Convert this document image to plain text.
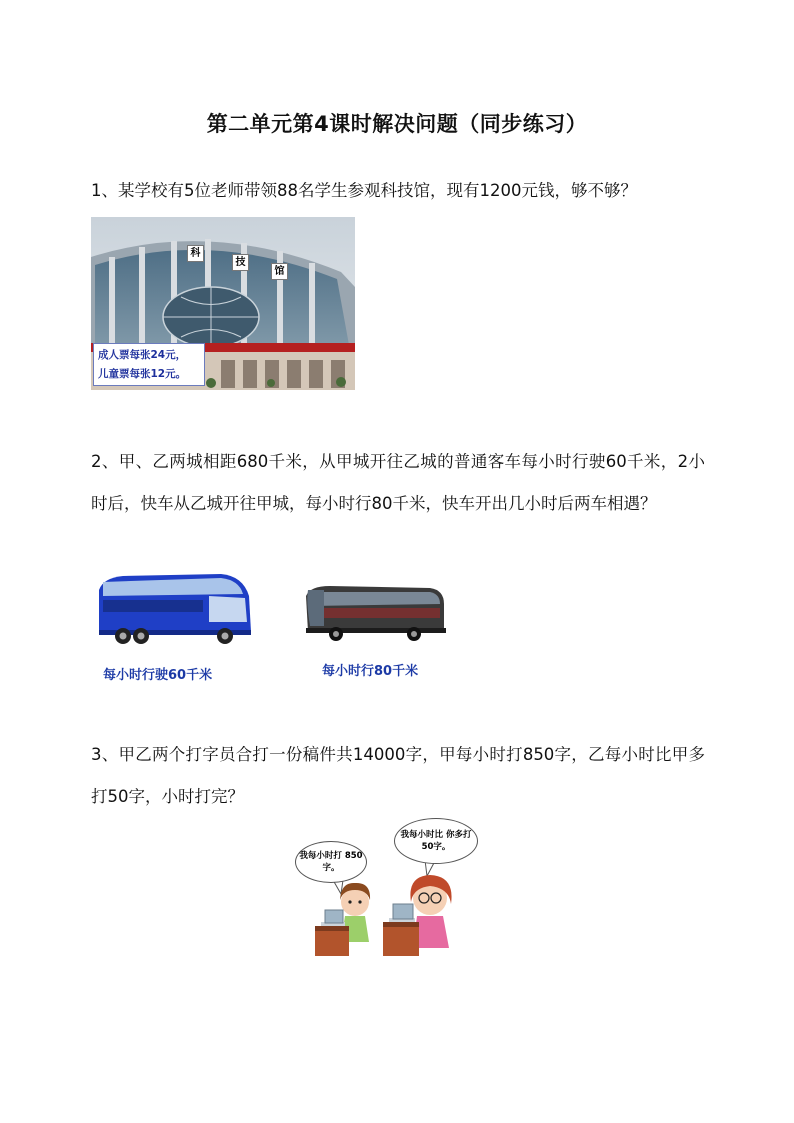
第二单元第4课时解决问题（同步练习）
1、某学校有5位老师带领88名学生参观科技馆，现有1200元钱，够不够？
科
技
馆
成人票每张24元，
儿童票每张12元。
2、甲、乙两城相距680千米，从甲城开往乙城的普通客车每小时行驶60千米，2小时后，快车从乙城开往甲城，每小时行80千米，快车开出几小时后两车相遇？
每小时行驶60千米	每小时行80千米
3、甲乙两个打字员合打一份稿件共14000字，甲每小时打850字，乙每小时比甲多打50字，小时打完？
我每小时打 850字。
我每小时比 你多打50字。
